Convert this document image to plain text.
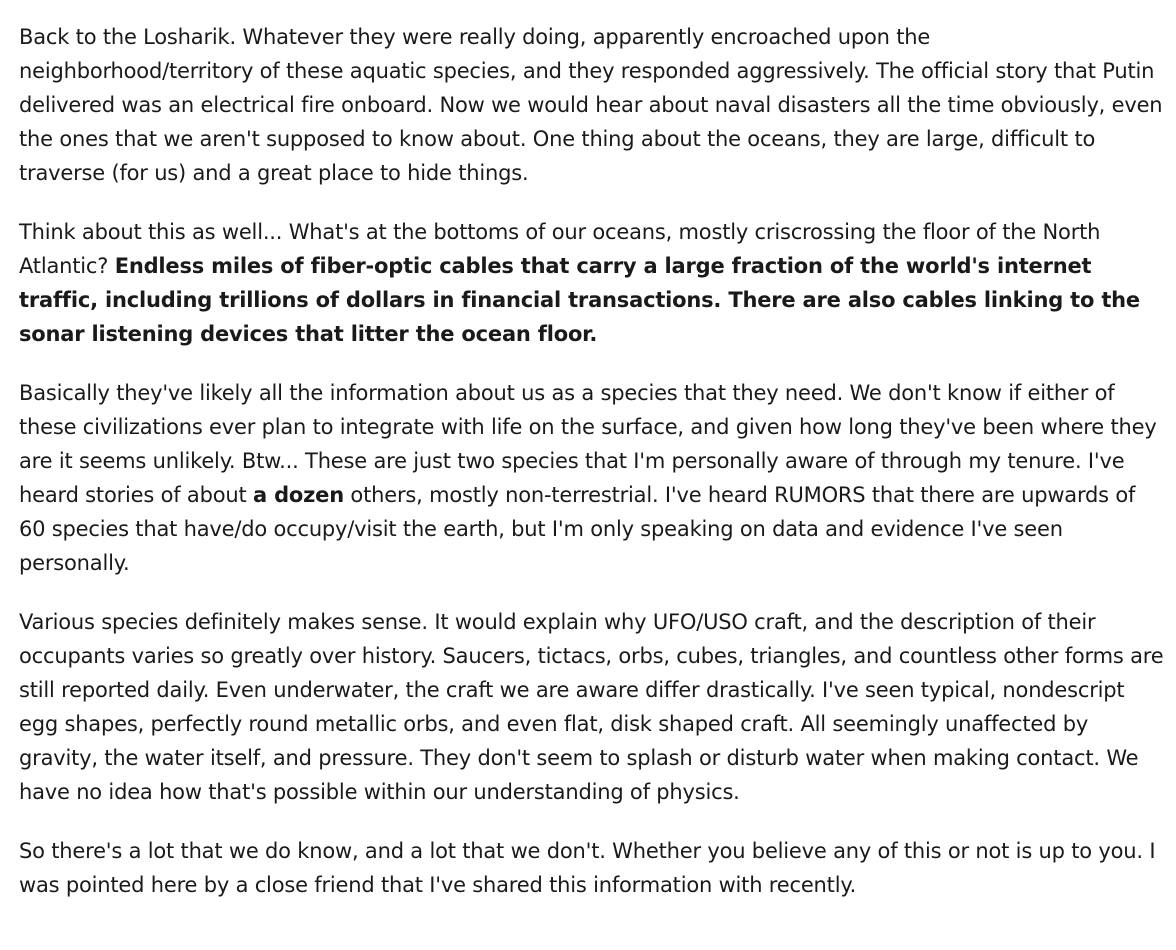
Back to the Losharik. Whatever they were really doing, apparently encroached upon the neighborhood/territory of these aquatic species, and they responded aggressively. The official story that Putin delivered was an electrical fire onboard. Now we would hear about naval disasters all the time obviously, even the ones that we aren't supposed to know about. One thing about the oceans, they are large, difficult to traverse (for us) and a great place to hide things.

Think about this as well... What's at the bottoms of our oceans, mostly criscrossing the floor of the North Atlantic? Endless miles of fiber-optic cables that carry a large fraction of the world's internet traffic, including trillions of dollars in financial transactions. There are also cables linking to the sonar listening devices that litter the ocean floor.

Basically they've likely all the information about us as a species that they need. We don't know if either of these civilizations ever plan to integrate with life on the surface, and given how long they've been where they are it seems unlikely. Btw... These are just two species that I'm personally aware of through my tenure. I've heard stories of about a dozen others, mostly non-terrestrial. I've heard RUMORS that there are upwards of 60 species that have/do occupy/visit the earth, but I'm only speaking on data and evidence I've seen personally.

Various species definitely makes sense. It would explain why UFO/USO craft, and the description of their occupants varies so greatly over history. Saucers, tictacs, orbs, cubes, triangles, and countless other forms are still reported daily. Even underwater, the craft we are aware differ drastically. I've seen typical, nondescript egg shapes, perfectly round metallic orbs, and even flat, disk shaped craft. All seemingly unaffected by gravity, the water itself, and pressure. They don't seem to splash or disturb water when making contact. We have no idea how that's possible within our understanding of physics.

So there's a lot that we do know, and a lot that we don't. Whether you believe any of this or not is up to you. I was pointed here by a close friend that I've shared this information with recently.
